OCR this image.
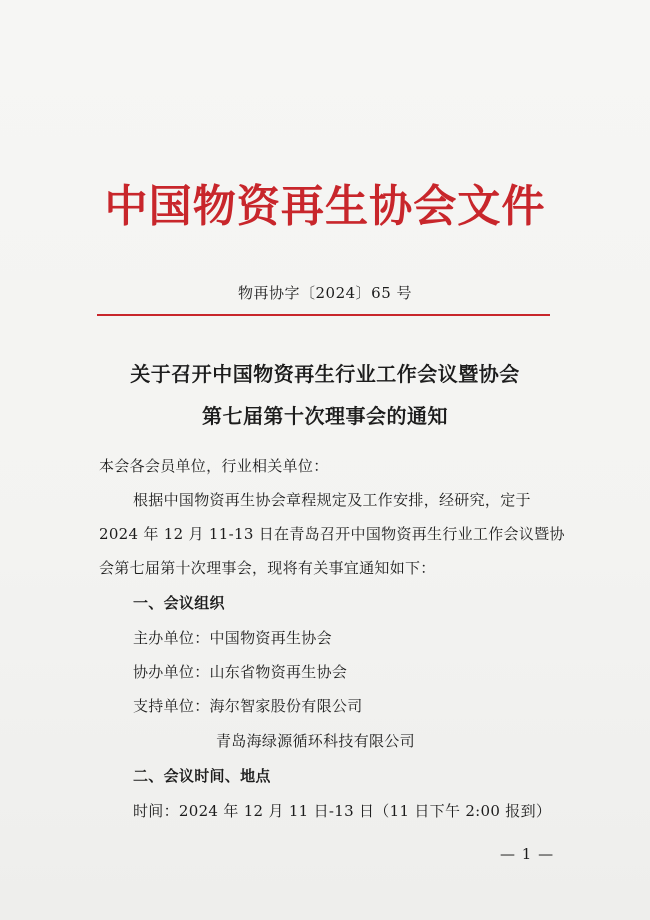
中国物资再生协会文件
物再协字〔2024〕65 号
关于召开中国物资再生行业工作会议暨协会
第七届第十次理事会的通知
本会各会员单位，行业相关单位：
根据中国物资再生协会章程规定及工作安排，经研究，定于
2024 年 12 月 11-13 日在青岛召开中国物资再生行业工作会议暨协
会第七届第十次理事会，现将有关事宜通知如下：
一、会议组织
主办单位：中国物资再生协会
协办单位：山东省物资再生协会
支持单位：海尔智家股份有限公司
青岛海绿源循环科技有限公司
二、会议时间、地点
时间：2024 年 12 月 11 日-13 日（11 日下午 2:00 报到）
— 1 —
